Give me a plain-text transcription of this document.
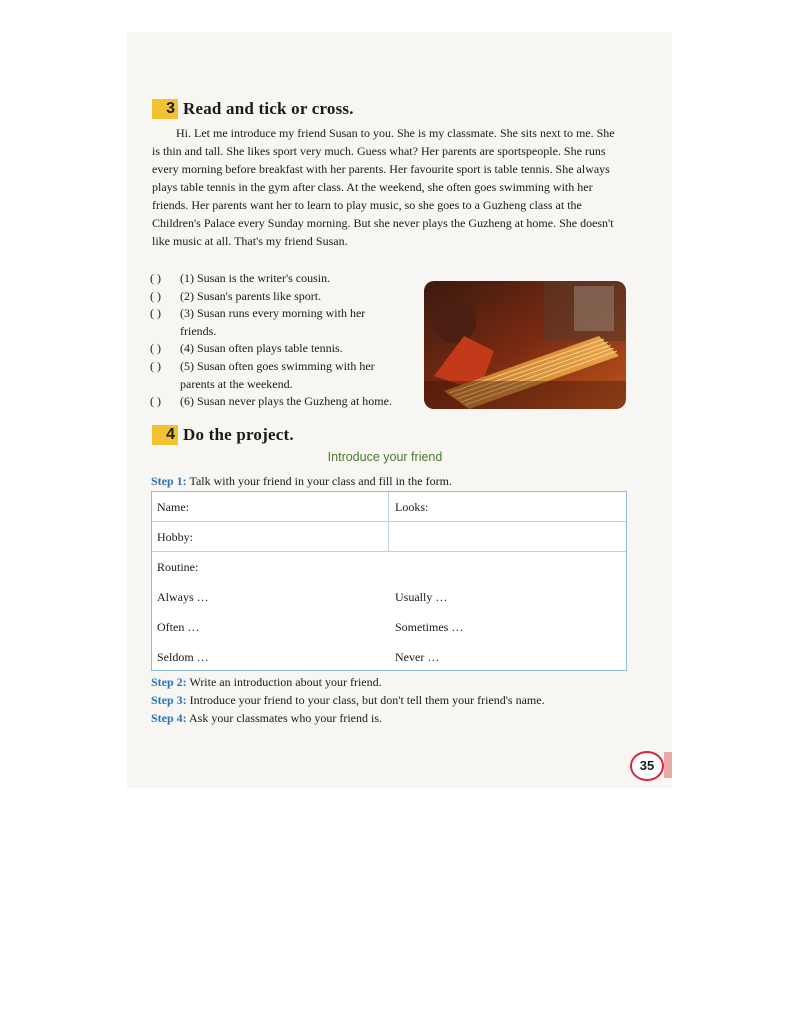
3 Read and tick or cross.

Hi. Let me introduce my friend Susan to you. She is my classmate. She sits next to me. She is thin and tall. She likes sport very much. Guess what? Her parents are sportspeople. She runs every morning before breakfast with her parents. Her favourite sport is table tennis. She always plays table tennis in the gym after class. At the weekend, she often goes swimming with her friends. Her parents want her to learn to play music, so she goes to a Guzheng class at the Children's Palace every Sunday morning. But she never plays the Guzheng at home. She doesn't like music at all. That's my friend Susan.

( )	(1) Susan is the writer's cousin.
( )	(2) Susan's parents like sport.
( )	(3) Susan runs every morning with her friends.
( )	(4) Susan often plays table tennis.
( )	(5) Susan often goes swimming with her parents at the weekend.
( )	(6) Susan never plays the Guzheng at home.
4 Do the project.
Introduce your friend
Step 1: Talk with your friend in your class and fill in the form.
Name:	Looks:
Hobby:
Routine:
Always …	Usually …
Often …	Sometimes …
Seldom …	Never …
Step 2: Write an introduction about your friend.
Step 3: Introduce your friend to your class, but don't tell them your friend's name.
Step 4: Ask your classmates who your friend is.
35
